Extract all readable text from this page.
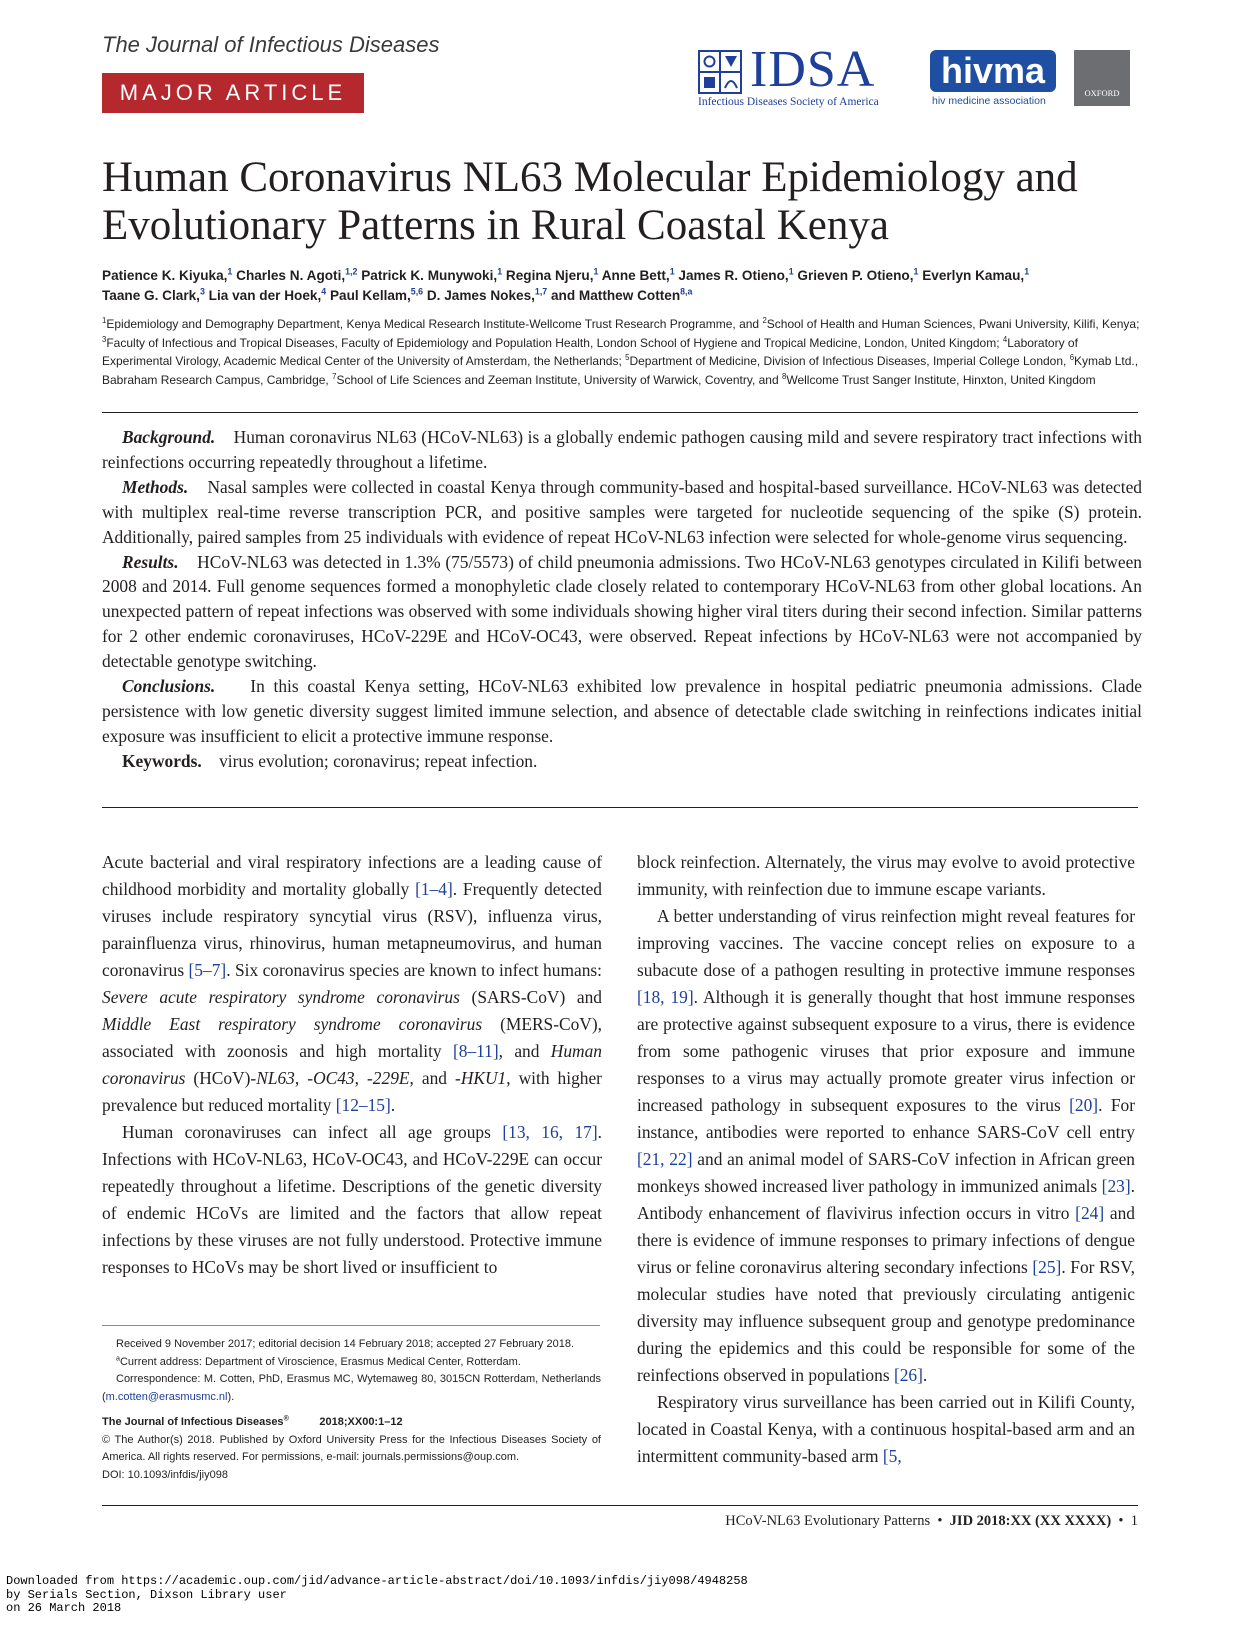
The Journal of Infectious Diseases
MAJOR ARTICLE	IDSA
Infectious Diseases Society of America
hivma
hiv medicine association
OXFORD
Human Coronavirus NL63 Molecular Epidemiology and
Evolutionary Patterns in Rural Coastal Kenya
Patience K. Kiyuka,$^1$ Charles N. Agoti,$^{1,2}$ Patrick K. Munywoki,$^1$ Regina Njeru,$^1$ Anne Bett,$^1$ James R. Otieno,$^1$ Grieven P. Otieno,$^1$ Everlyn Kamau,$^1$
Taane G. Clark,$^3$ Lia van der Hoek,$^4$ Paul Kellam,$^{5,6}$ D. James Nokes,$^{1,7}$ and Matthew Cotten$^{8,a}$
$^1$Epidemiology and Demography Department, Kenya Medical Research Institute-Wellcome Trust Research Programme, and $^2$School of Health and Human Sciences, Pwani University, Kilifi, Kenya; $^3$Faculty of Infectious and Tropical Diseases, Faculty of Epidemiology and Population Health, London School of Hygiene and Tropical Medicine, London, United Kingdom; $^4$Laboratory of Experimental Virology, Academic Medical Center of the University of Amsterdam, the Netherlands; $^5$Department of Medicine, Division of Infectious Diseases, Imperial College London, $^6$Kymab Ltd., Babraham Research Campus, Cambridge, $^7$School of Life Sciences and Zeeman Institute, University of Warwick, Coventry, and $^8$Wellcome Trust Sanger Institute, Hinxton, United Kingdom

Background. Human coronavirus NL63 (HCoV-NL63) is a globally endemic pathogen causing mild and severe respiratory tract infections with reinfections occurring repeatedly throughout a lifetime.

Methods. Nasal samples were collected in coastal Kenya through community-based and hospital-based surveillance. HCoV-NL63 was detected with multiplex real-time reverse transcription PCR, and positive samples were targeted for nucleotide sequencing of the spike (S) protein. Additionally, paired samples from 25 individuals with evidence of repeat HCoV-NL63 infection were selected for whole-genome virus sequencing.

Results. HCoV-NL63 was detected in 1.3% (75/5573) of child pneumonia admissions. Two HCoV-NL63 genotypes circulated in Kilifi between 2008 and 2014. Full genome sequences formed a monophyletic clade closely related to contemporary HCoV-NL63 from other global locations. An unexpected pattern of repeat infections was observed with some individuals showing higher viral titers during their second infection. Similar patterns for 2 other endemic coronaviruses, HCoV-229E and HCoV-OC43, were observed. Repeat infections by HCoV-NL63 were not accompanied by detectable genotype switching.

Conclusions. In this coastal Kenya setting, HCoV-NL63 exhibited low prevalence in hospital pediatric pneumonia admissions. Clade persistence with low genetic diversity suggest limited immune selection, and absence of detectable clade switching in reinfections indicates initial exposure was insufficient to elicit a protective immune response.

Keywords. virus evolution; coronavirus; repeat infection.

Acute bacterial and viral respiratory infections are a leading cause of childhood morbidity and mortality globally [1–4]. Frequently detected viruses include respiratory syncytial virus (RSV), influenza virus, parainfluenza virus, rhinovirus, human metapneumovirus, and human coronavirus [5–7]. Six coronavirus species are known to infect humans: Severe acute respiratory syndrome coronavirus (SARS-CoV) and Middle East respiratory syndrome coronavirus (MERS-CoV), associated with zoonosis and high mortality [8–11], and Human coronavirus (HCoV)-NL63, -OC43, -229E, and -HKU1, with higher prevalence but reduced mortality [12–15].

Human coronaviruses can infect all age groups [13, 16, 17]. Infections with HCoV-NL63, HCoV-OC43, and HCoV-229E can occur repeatedly throughout a lifetime. Descriptions of the genetic diversity of endemic HCoVs are limited and the factors that allow repeat infections by these viruses are not fully understood. Protective immune responses to HCoVs may be short lived or insufficient to

block reinfection. Alternately, the virus may evolve to avoid protective immunity, with reinfection due to immune escape variants.

A better understanding of virus reinfection might reveal features for improving vaccines. The vaccine concept relies on exposure to a subacute dose of a pathogen resulting in protective immune responses [18, 19]. Although it is generally thought that host immune responses are protective against subsequent exposure to a virus, there is evidence from some pathogenic viruses that prior exposure and immune responses to a virus may actually promote greater virus infection or increased pathology in subsequent exposures to the virus [20]. For instance, antibodies were reported to enhance SARS-CoV cell entry [21, 22] and an animal model of SARS-CoV infection in African green monkeys showed increased liver pathology in immunized animals [23]. Antibody enhancement of flavivirus infection occurs in vitro [24] and there is evidence of immune responses to primary infections of dengue virus or feline coronavirus altering secondary infections [25]. For RSV, molecular studies have noted that previously circulating antigenic diversity may influence subsequent group and genotype predominance during the epidemics and this could be responsible for some of the reinfections observed in populations [26].

Respiratory virus surveillance has been carried out in Kilifi County, located in Coastal Kenya, with a continuous hospital-based arm and an intermittent community-based arm [5,

Received 9 November 2017; editorial decision 14 February 2018; accepted 27 February 2018.

$^a$Current address: Department of Viroscience, Erasmus Medical Center, Rotterdam.

Correspondence: M. Cotten, PhD, Erasmus MC, Wytemaweg 80, 3015CN Rotterdam, Netherlands (m.cotten@erasmusmc.nl).

The Journal of Infectious Diseases®	2018;XX00:1–12

© The Author(s) 2018. Published by Oxford University Press for the Infectious Diseases Society of America. All rights reserved. For permissions, e-mail: journals.permissions@oup.com.

DOI: 10.1093/infdis/jiy098

HCoV-NL63 Evolutionary Patterns • JID 2018:XX (XX XXXX) • 1
Downloaded from https://academic.oup.com/jid/advance-article-abstract/doi/10.1093/infdis/jiy098/4948258
by Serials Section, Dixson Library user
on 26 March 2018
